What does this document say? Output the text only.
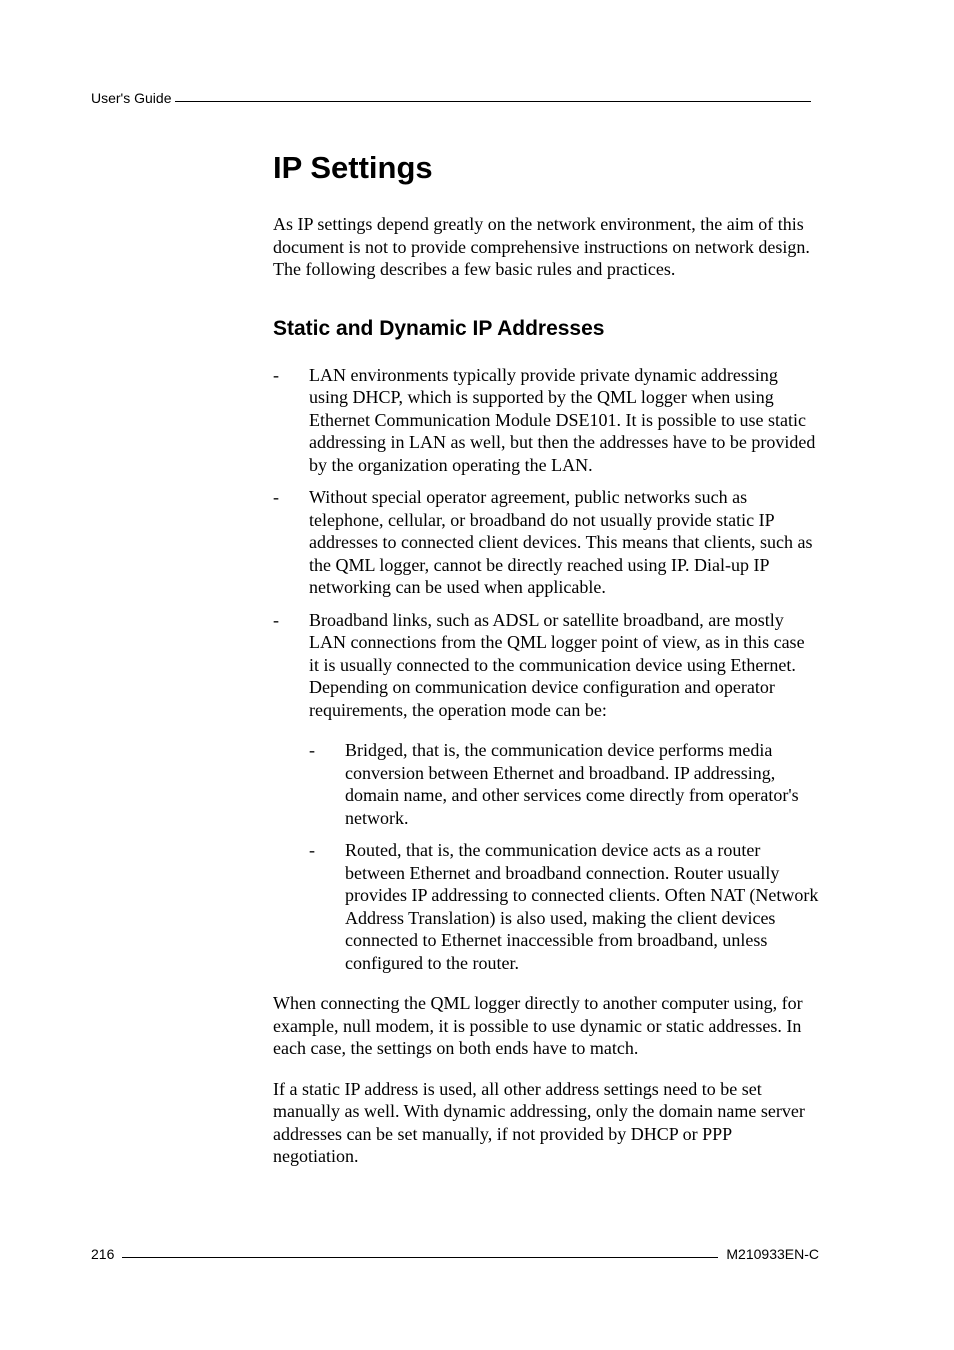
User's Guide
IP Settings

As IP settings depend greatly on the network environment, the aim of this document is not to provide comprehensive instructions on network design. The following describes a few basic rules and practices.

Static and Dynamic IP Addresses
- LAN environments typically provide private dynamic addressing using DHCP, which is supported by the QML logger when using Ethernet Communication Module DSE101. It is possible to use static addressing in LAN as well, but then the addresses have to be provided by the organization operating the LAN.
- Without special operator agreement, public networks such as telephone, cellular, or broadband do not usually provide static IP addresses to connected client devices. This means that clients, such as the QML logger, cannot be directly reached using IP. Dial-up IP networking can be used when applicable.
- Broadband links, such as ADSL or satellite broadband, are mostly LAN connections from the QML logger point of view, as in this case it is usually connected to the communication device using Ethernet. Depending on communication device configuration and operator requirements, the operation mode can be:
- Bridged, that is, the communication device performs media conversion between Ethernet and broadband. IP addressing, domain name, and other services come directly from operator's network.
- Routed, that is, the communication device acts as a router between Ethernet and broadband connection. Router usually provides IP addressing to connected clients. Often NAT (Network Address Translation) is also used, making the client devices connected to Ethernet inaccessible from broadband, unless configured to the router.

When connecting the QML logger directly to another computer using, for example, null modem, it is possible to use dynamic or static addresses. In each case, the settings on both ends have to match.

If a static IP address is used, all other address settings need to be set manually as well. With dynamic addressing, only the domain name server addresses can be set manually, if not provided by DHCP or PPP negotiation.

216	M210933EN-C
